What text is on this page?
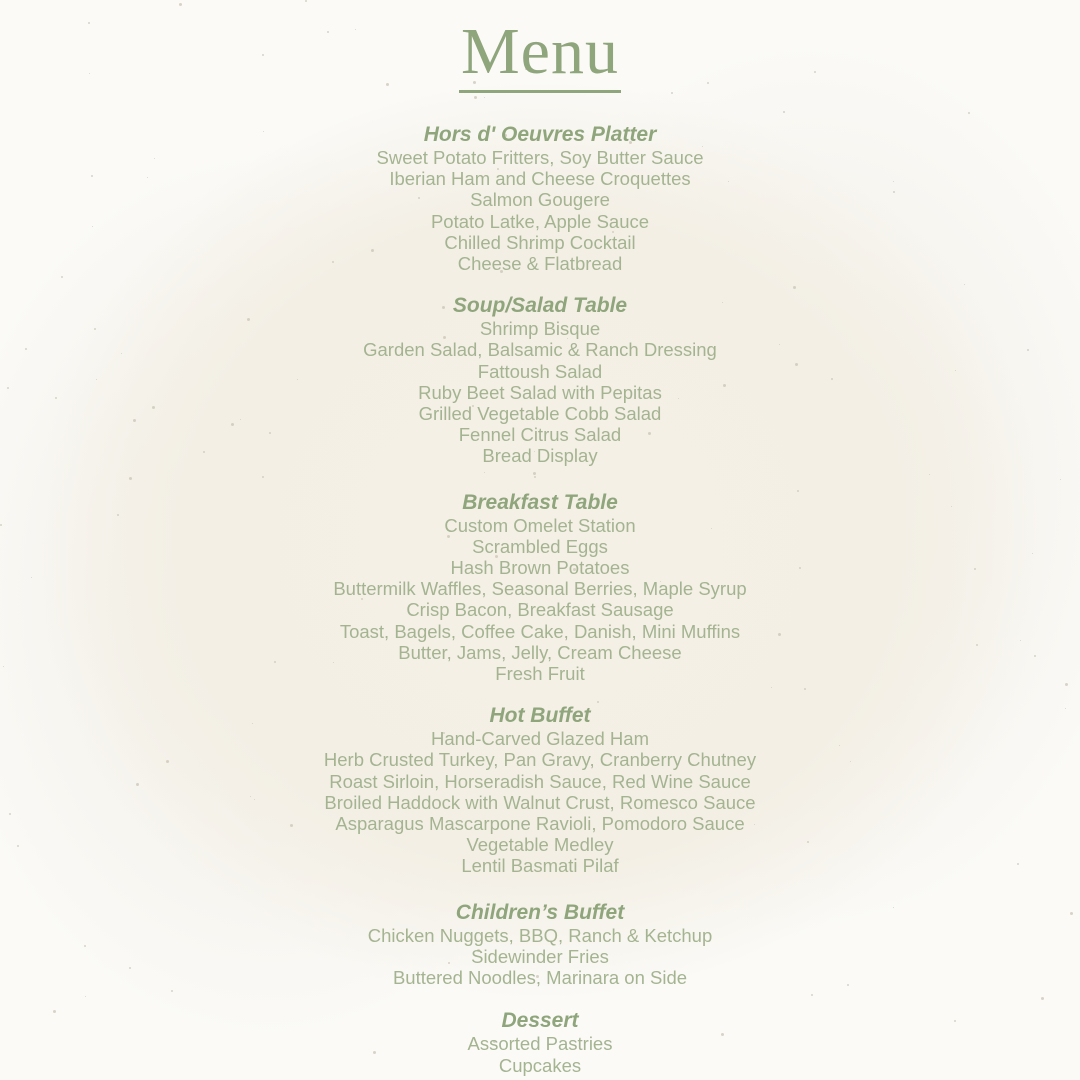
Menu
Hors d' Oeuvres Platter
Sweet Potato Fritters, Soy Butter Sauce
Iberian Ham and Cheese Croquettes
Salmon Gougere
Potato Latke, Apple Sauce
Chilled Shrimp Cocktail
Cheese & Flatbread
Soup/Salad Table
Shrimp Bisque
Garden Salad, Balsamic & Ranch Dressing
Fattoush Salad
Ruby Beet Salad with Pepitas
Grilled Vegetable Cobb Salad
Fennel Citrus Salad
Bread Display
Breakfast Table
Custom Omelet Station
Scrambled Eggs
Hash Brown Potatoes
Buttermilk Waffles, Seasonal Berries, Maple Syrup
Crisp Bacon, Breakfast Sausage
Toast, Bagels, Coffee Cake, Danish, Mini Muffins
Butter, Jams, Jelly, Cream Cheese
Fresh Fruit
Hot Buffet
Hand-Carved Glazed Ham
Herb Crusted Turkey, Pan Gravy, Cranberry Chutney
Roast Sirloin, Horseradish Sauce, Red Wine Sauce
Broiled Haddock with Walnut Crust, Romesco Sauce
Asparagus Mascarpone Ravioli, Pomodoro Sauce
Vegetable Medley
Lentil Basmati Pilaf
Children’s Buffet
Chicken Nuggets, BBQ, Ranch & Ketchup
Sidewinder Fries
Buttered Noodles, Marinara on Side
Dessert
Assorted Pastries
Cupcakes
